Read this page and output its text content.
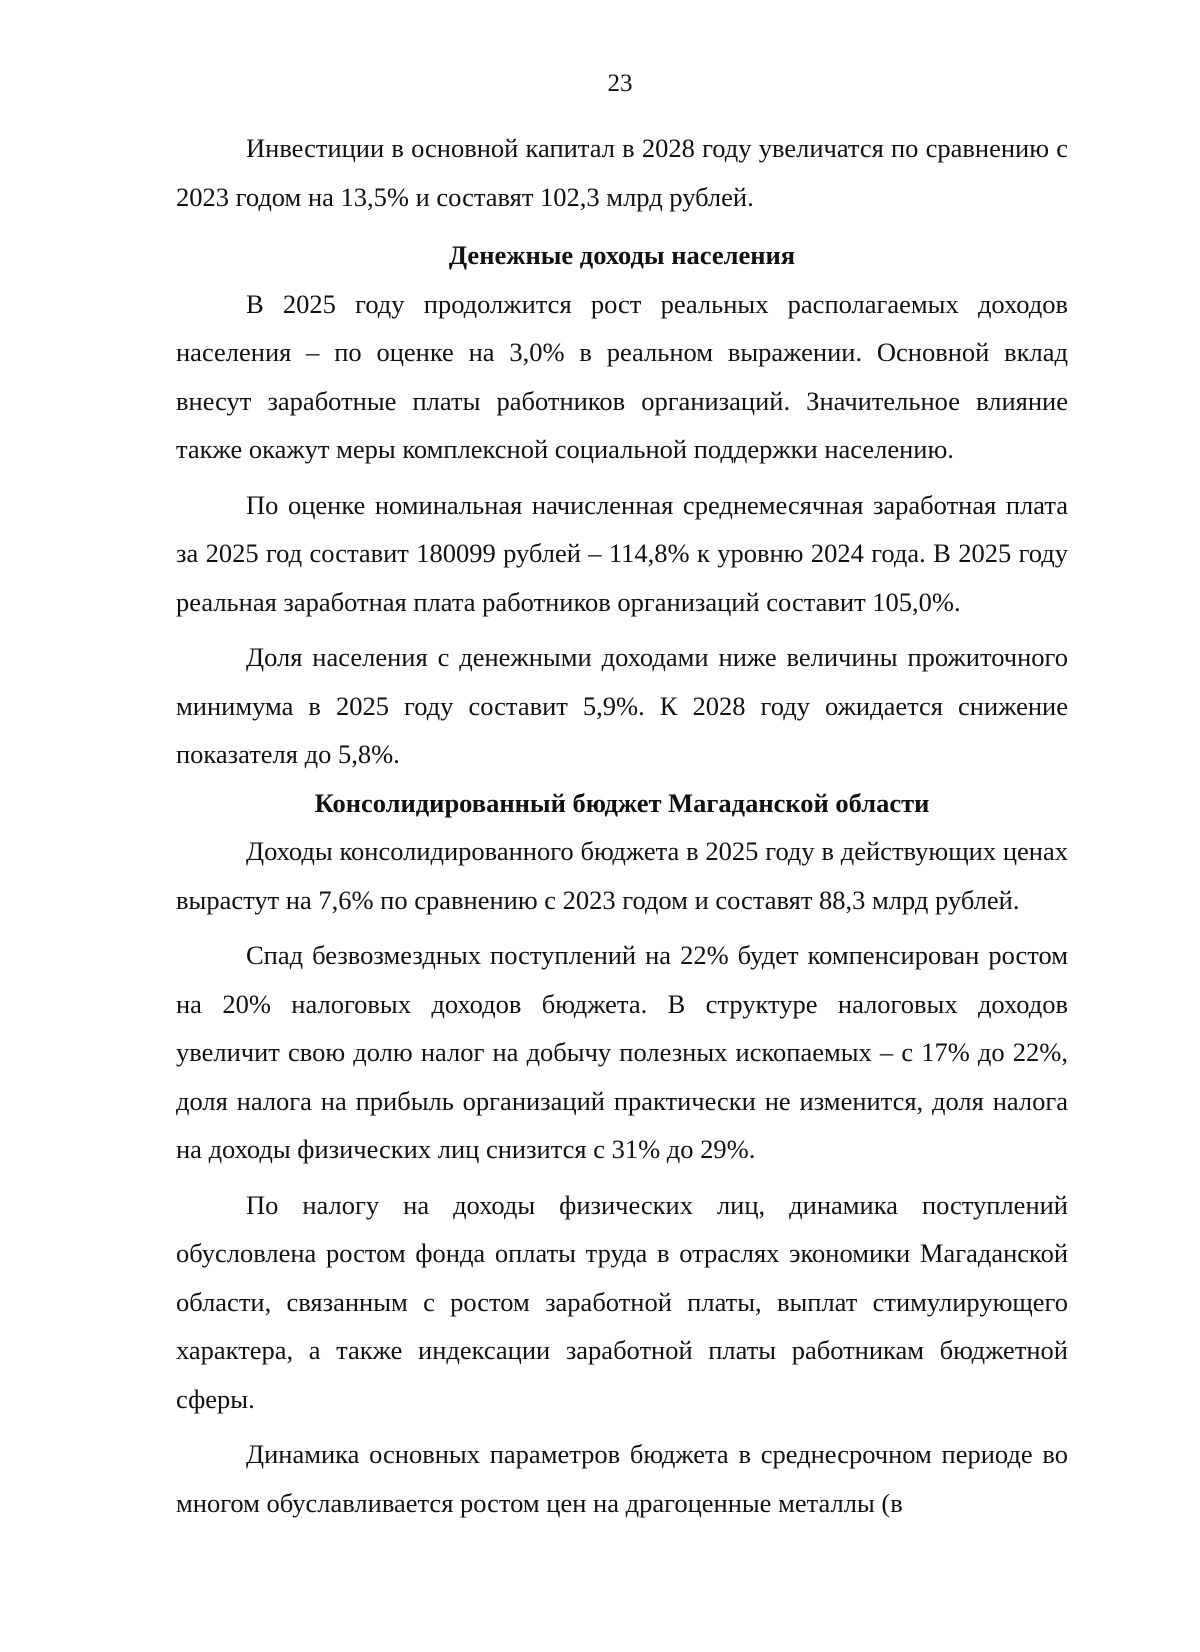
23

Инвестиции в основной капитал в 2028 году увеличатся по сравнению с 2023 годом на 13,5% и составят 102,3 млрд рублей.

Денежные доходы населения

В 2025 году продолжится рост реальных располагаемых доходов населения – по оценке на 3,0% в реальном выражении. Основной вклад внесут заработные платы работников организаций. Значительное влияние также окажут меры комплексной социальной поддержки населению.

По оценке номинальная начисленная среднемесячная заработная плата за 2025 год составит 180099 рублей – 114,8% к уровню 2024 года. В 2025 году реальная заработная плата работников организаций составит 105,0%.

Доля населения с денежными доходами ниже величины прожиточного минимума в 2025 году составит 5,9%. К 2028 году ожидается снижение показателя до 5,8%.

Консолидированный бюджет Магаданской области

Доходы консолидированного бюджета в 2025 году в действующих ценах вырастут на 7,6% по сравнению с 2023 годом и составят 88,3 млрд рублей.

Спад безвозмездных поступлений на 22% будет компенсирован ростом на 20% налоговых доходов бюджета. В структуре налоговых доходов увеличит свою долю налог на добычу полезных ископаемых – с 17% до 22%, доля налога на прибыль организаций практически не изменится, доля налога на доходы физических лиц снизится с 31% до 29%.

По налогу на доходы физических лиц, динамика поступлений обусловлена ростом фонда оплаты труда в отраслях экономики Магаданской области, связанным с ростом заработной платы, выплат стимулирующего характера, а также индексации заработной платы работникам бюджетной сферы.

Динамика основных параметров бюджета в среднесрочном периоде во многом обуславливается ростом цен на драгоценные металлы (в
